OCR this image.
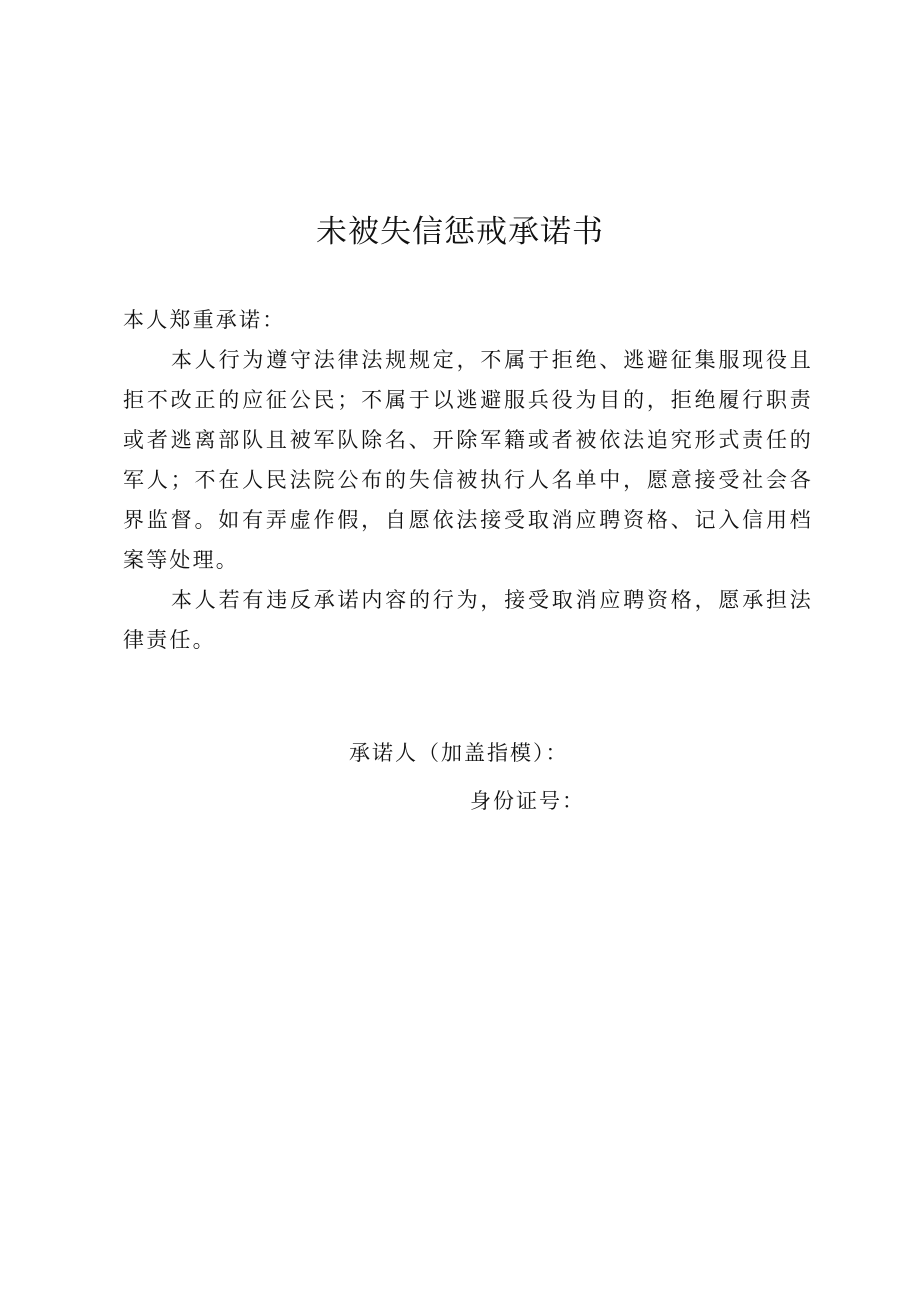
未被失信惩戒承诺书

本人郑重承诺：

本人行为遵守法律法规规定，不属于拒绝、逃避征集服现役且拒不改正的应征公民；不属于以逃避服兵役为目的，拒绝履行职责或者逃离部队且被军队除名、开除军籍或者被依法追究形式责任的军人；不在人民法院公布的失信被执行人名单中，愿意接受社会各界监督。如有弄虚作假，自愿依法接受取消应聘资格、记入信用档案等处理。

本人若有违反承诺内容的行为，接受取消应聘资格，愿承担法律责任。

承诺人（加盖指模）：
身份证号：
